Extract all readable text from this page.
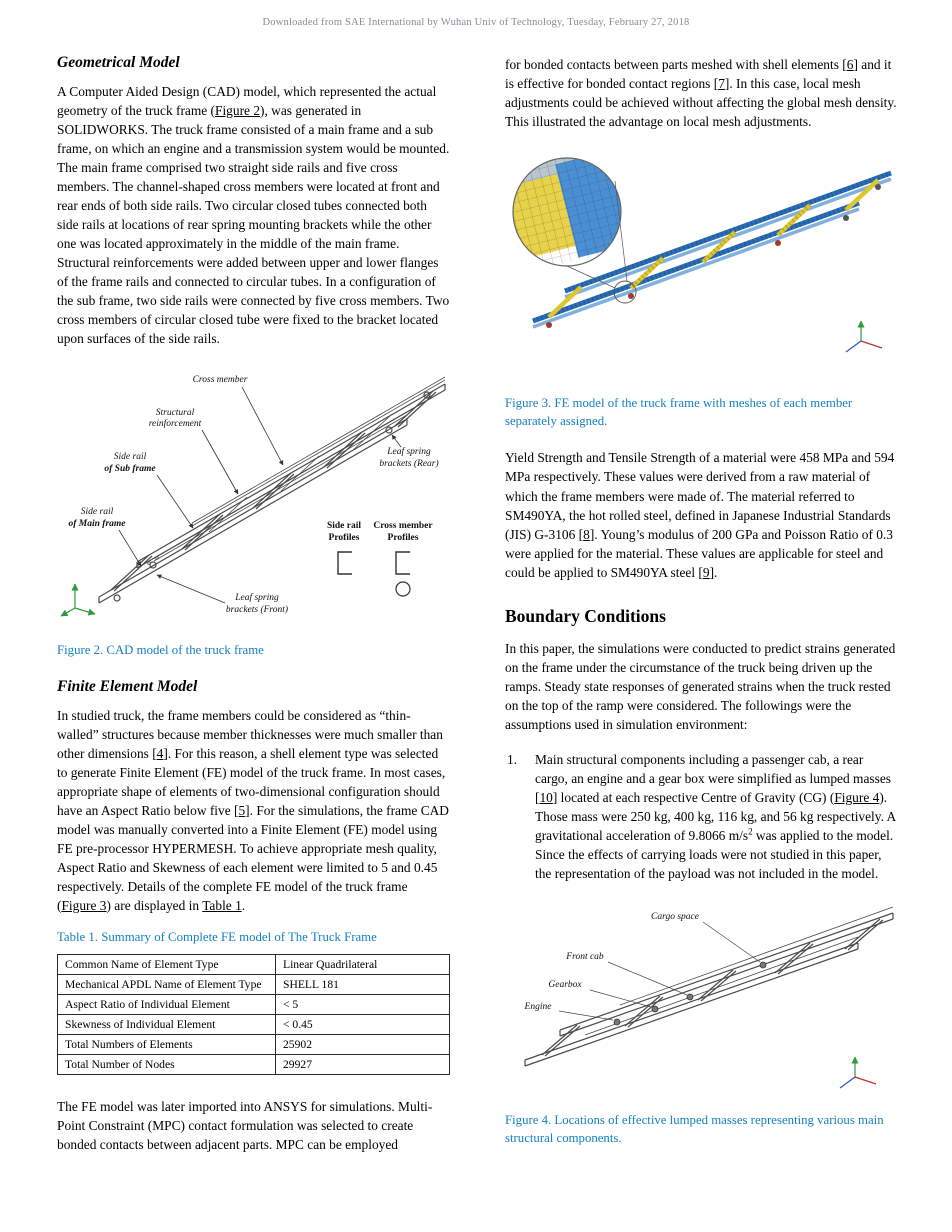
Downloaded from SAE International by Wuhan Univ of Technology, Tuesday, February 27, 2018
Geometrical Model

A Computer Aided Design (CAD) model, which represented the actual geometry of the truck frame (Figure 2), was generated in SOLIDWORKS. The truck frame consisted of a main frame and a sub frame, on which an engine and a transmission system would be mounted. The main frame comprised two straight side rails and five cross members. The channel-shaped cross members were located at front and rear ends of both side rails. Two circular closed tubes connected both side rails at locations of rear spring mounting brackets while the other one was located approximately in the middle of the main frame. Structural reinforcements were added between upper and lower flanges of the frame rails and connected to circular tubes. In a configuration of the sub frame, two side rails were connected by five cross members. Two cross members of circular closed tube were fixed to the bracket located upon surfaces of the side rails.

Cross member
Structural
reinforcement
Side rail
of Sub frame
Side rail
of Main frame
Leaf spring
brackets (Rear)
Leaf spring
brackets (Front)
Side rail
Profiles
Cross member
Profiles

Figure 2. CAD model of the truck frame

Finite Element Model

In studied truck, the frame members could be considered as “thin-walled” structures because member thicknesses were much smaller than other dimensions [4]. For this reason, a shell element type was selected to generate Finite Element (FE) model of the truck frame. In most cases, appropriate shape of elements of two-dimensional configuration should have an Aspect Ratio below five [5]. For the simulations, the frame CAD model was manually converted into a Finite Element (FE) model using FE pre-processor HYPERMESH. To achieve appropriate mesh quality, Aspect Ratio and Skewness of each element were limited to 5 and 0.45 respectively. Details of the complete FE model of the truck frame (Figure 3) are displayed in Table 1.

Table 1. Summary of Complete FE model of The Truck Frame

Common Name of Element Type	Linear Quadrilateral
Mechanical APDL Name of Element Type	SHELL 181
Aspect Ratio of Individual Element	< 5
Skewness of Individual Element	< 0.45
Total Numbers of Elements	25902
Total Number of Nodes	29927

The FE model was later imported into ANSYS for simulations. Multi-Point Constraint (MPC) contact formulation was selected to create bonded contacts between adjacent parts. MPC can be employed

for bonded contacts between parts meshed with shell elements [6] and it is effective for bonded contact regions [7]. In this case, local mesh adjustments could be achieved without affecting the global mesh density. This illustrated the advantage on local mesh adjustments.

Figure 3. FE model of the truck frame with meshes of each member separately assigned.

Yield Strength and Tensile Strength of a material were 458 MPa and 594 MPa respectively. These values were derived from a raw material of which the frame members were made of. The material referred to SM490YA, the hot rolled steel, defined in Japanese Industrial Standards (JIS) G-3106 [8]. Young’s modulus of 200 GPa and Poisson Ratio of 0.3 were applied for the material. These values are applicable for steel and could be applied to SM490YA steel [9].

Boundary Conditions

In this paper, the simulations were conducted to predict strains generated on the frame under the circumstance of the truck being driven up the ramps. Steady state responses of generated strains when the truck rested on the top of the ramp were considered. The followings were the assumptions used in simulation environment:

1.	Main structural components including a passenger cab, a rear cargo, an engine and a gear box were simplified as lumped masses [10] located at each respective Centre of Gravity (CG) (Figure 4). Those mass were 250 kg, 400 kg, 116 kg, and 56 kg respectively. A gravitational acceleration of 9.8066 $m/s^2$ was applied to the model. Since the effects of carrying loads were not studied in this paper, the representation of the payload was not included in the model.

Cargo space
Front cab
Gearbox
Engine

Figure 4. Locations of effective lumped masses representing various main structural components.
